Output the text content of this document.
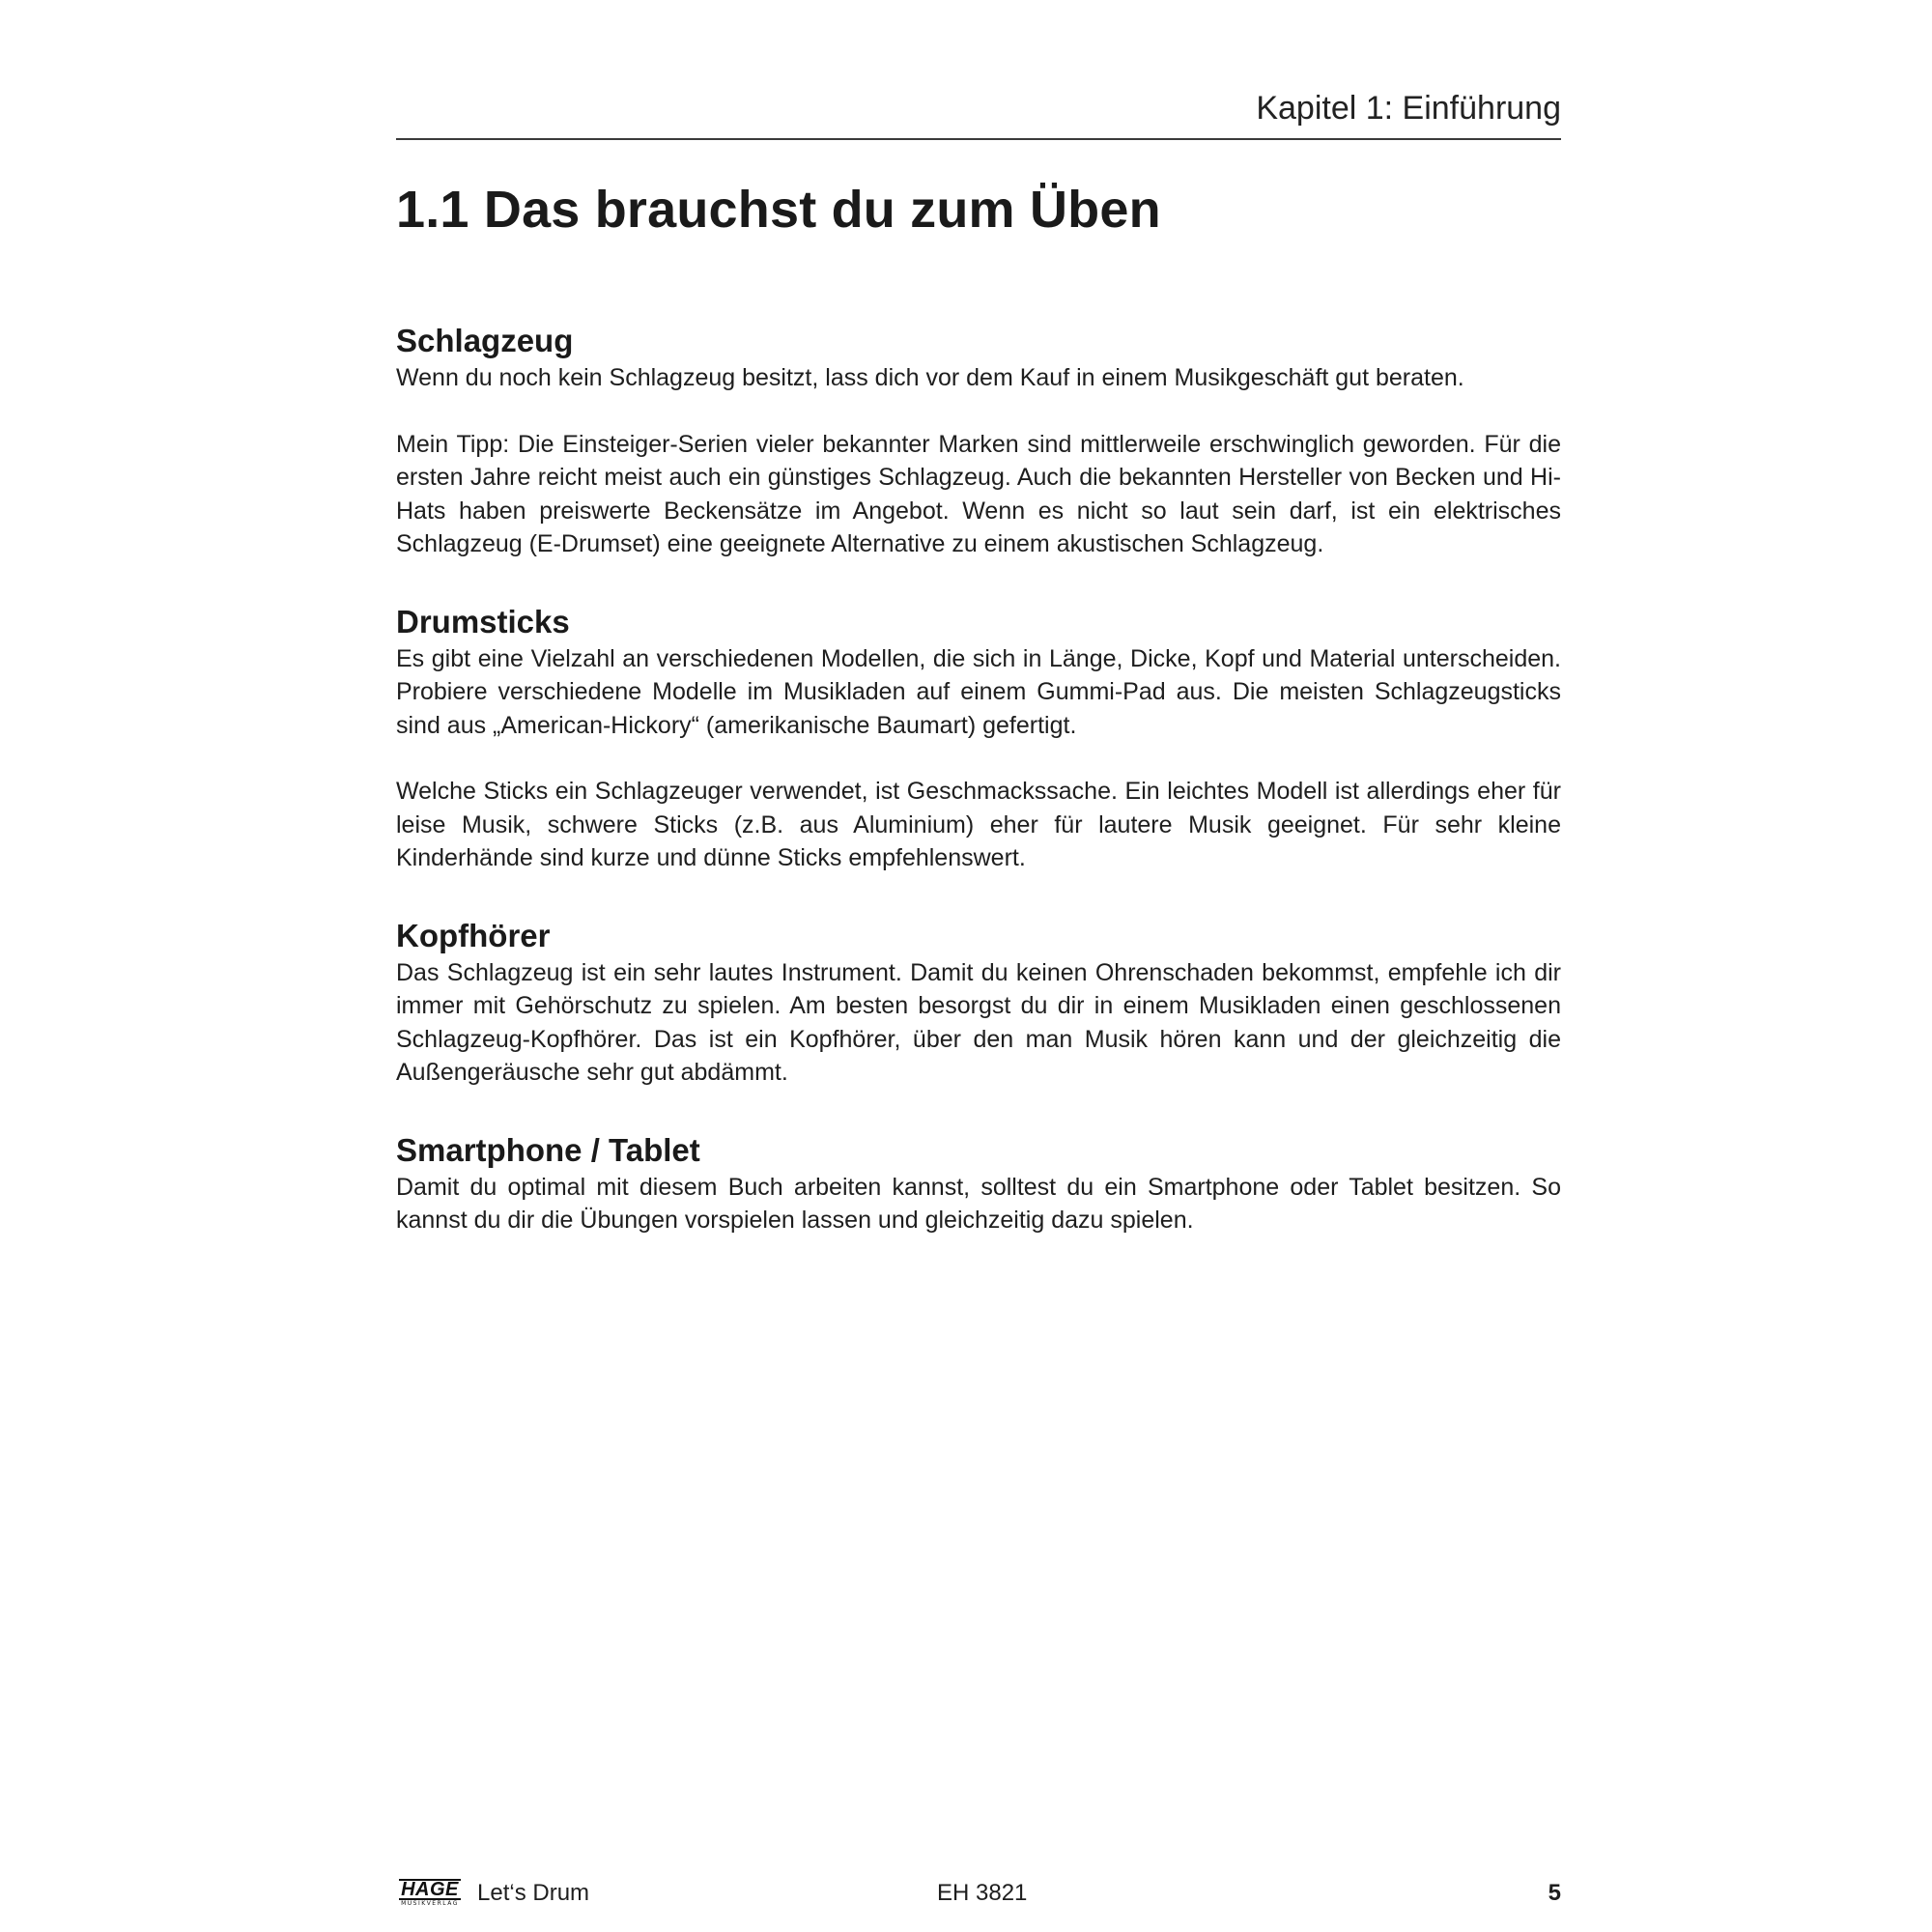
Kapitel 1: Einführung
1.1 Das brauchst du zum Üben
Schlagzeug

Wenn du noch kein Schlagzeug besitzt, lass dich vor dem Kauf in einem Musikgeschäft gut beraten.

Mein Tipp: Die Einsteiger-Serien vieler bekannter Marken sind mittlerweile erschwinglich geworden. Für die ersten Jahre reicht meist auch ein günstiges Schlagzeug. Auch die bekannten Hersteller von Becken und Hi-Hats haben preiswerte Beckensätze im Angebot. Wenn es nicht so laut sein darf, ist ein elektrisches Schlagzeug (E-Drumset) eine geeignete Alternative zu einem akustischen Schlagzeug.

Drumsticks

Es gibt eine Vielzahl an verschiedenen Modellen, die sich in Länge, Dicke, Kopf und Material unterscheiden. Probiere verschiedene Modelle im Musikladen auf einem Gummi-Pad aus. Die meisten Schlagzeugsticks sind aus „American-Hickory“ (amerikanische Baumart) gefertigt.

Welche Sticks ein Schlagzeuger verwendet, ist Geschmackssache. Ein leichtes Modell ist allerdings eher für leise Musik, schwere Sticks (z.B. aus Aluminium) eher für lautere Musik geeignet. Für sehr kleine Kinderhände sind kurze und dünne Sticks empfehlenswert.

Kopfhörer

Das Schlagzeug ist ein sehr lautes Instrument. Damit du keinen Ohrenschaden bekommst, empfehle ich dir immer mit Gehörschutz zu spielen. Am besten besorgst du dir in einem Musikladen einen geschlossenen Schlagzeug-Kopfhörer. Das ist ein Kopfhörer, über den man Musik hören kann und der gleichzeitig die Außengeräusche sehr gut abdämmt.

Smartphone / Tablet

Damit du optimal mit diesem Buch arbeiten kannst, solltest du ein Smartphone oder Tablet besitzen. So kannst du dir die Übungen vorspielen lassen und gleichzeitig dazu spielen.

HAGE
MUSIKVERLAG Let‘s Drum	EH 3821	5
